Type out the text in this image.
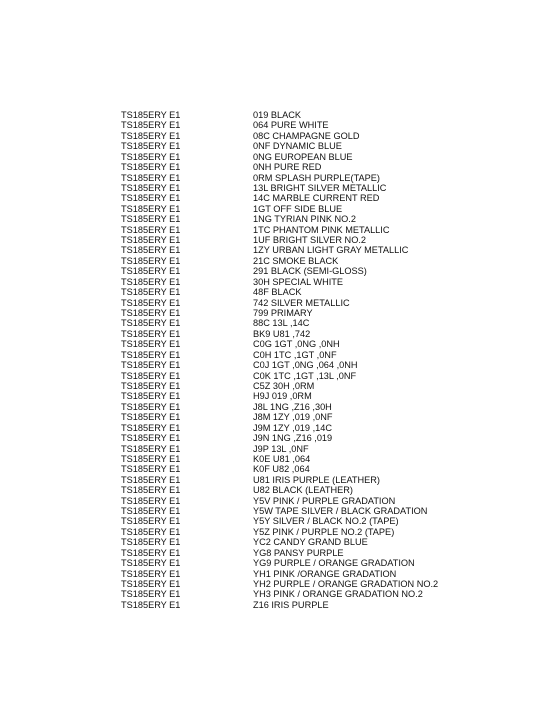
TS185ERY E1	019 BLACK
TS185ERY E1	064 PURE WHITE
TS185ERY E1	08C CHAMPAGNE GOLD
TS185ERY E1	0NF DYNAMIC BLUE
TS185ERY E1	0NG EUROPEAN BLUE
TS185ERY E1	0NH PURE RED
TS185ERY E1	0RM SPLASH PURPLE(TAPE)
TS185ERY E1	13L BRIGHT SILVER METALLIC
TS185ERY E1	14C MARBLE CURRENT RED
TS185ERY E1	1GT OFF SIDE BLUE
TS185ERY E1	1NG TYRIAN PINK NO.2
TS185ERY E1	1TC PHANTOM PINK METALLIC
TS185ERY E1	1UF BRIGHT SILVER NO.2
TS185ERY E1	1ZY URBAN LIGHT GRAY METALLIC
TS185ERY E1	21C SMOKE BLACK
TS185ERY E1	291 BLACK (SEMI-GLOSS)
TS185ERY E1	30H SPECIAL WHITE
TS185ERY E1	48F BLACK
TS185ERY E1	742 SILVER METALLIC
TS185ERY E1	799 PRIMARY
TS185ERY E1	88C 13L ,14C
TS185ERY E1	BK9 U81 ,742
TS185ERY E1	C0G 1GT ,0NG ,0NH
TS185ERY E1	C0H 1TC ,1GT ,0NF
TS185ERY E1	C0J 1GT ,0NG ,064 ,0NH
TS185ERY E1	C0K 1TC ,1GT ,13L ,0NF
TS185ERY E1	C5Z 30H ,0RM
TS185ERY E1	H9J 019 ,0RM
TS185ERY E1	J8L 1NG ,Z16 ,30H
TS185ERY E1	J8M 1ZY ,019 ,0NF
TS185ERY E1	J9M 1ZY ,019 ,14C
TS185ERY E1	J9N 1NG ,Z16 ,019
TS185ERY E1	J9P 13L ,0NF
TS185ERY E1	K0E U81 ,064
TS185ERY E1	K0F U82 ,064
TS185ERY E1	U81 IRIS PURPLE (LEATHER)
TS185ERY E1	U82 BLACK (LEATHER)
TS185ERY E1	Y5V PINK / PURPLE GRADATION
TS185ERY E1	Y5W TAPE SILVER / BLACK GRADATION
TS185ERY E1	Y5Y SILVER / BLACK NO.2 (TAPE)
TS185ERY E1	Y5Z PINK / PURPLE NO.2 (TAPE)
TS185ERY E1	YC2 CANDY GRAND BLUE
TS185ERY E1	YG8 PANSY PURPLE
TS185ERY E1	YG9 PURPLE / ORANGE GRADATION
TS185ERY E1	YH1 PINK /ORANGE GRADATION
TS185ERY E1	YH2 PURPLE / ORANGE GRADATION NO.2
TS185ERY E1	YH3 PINK / ORANGE GRADATION NO.2
TS185ERY E1	Z16 IRIS PURPLE
